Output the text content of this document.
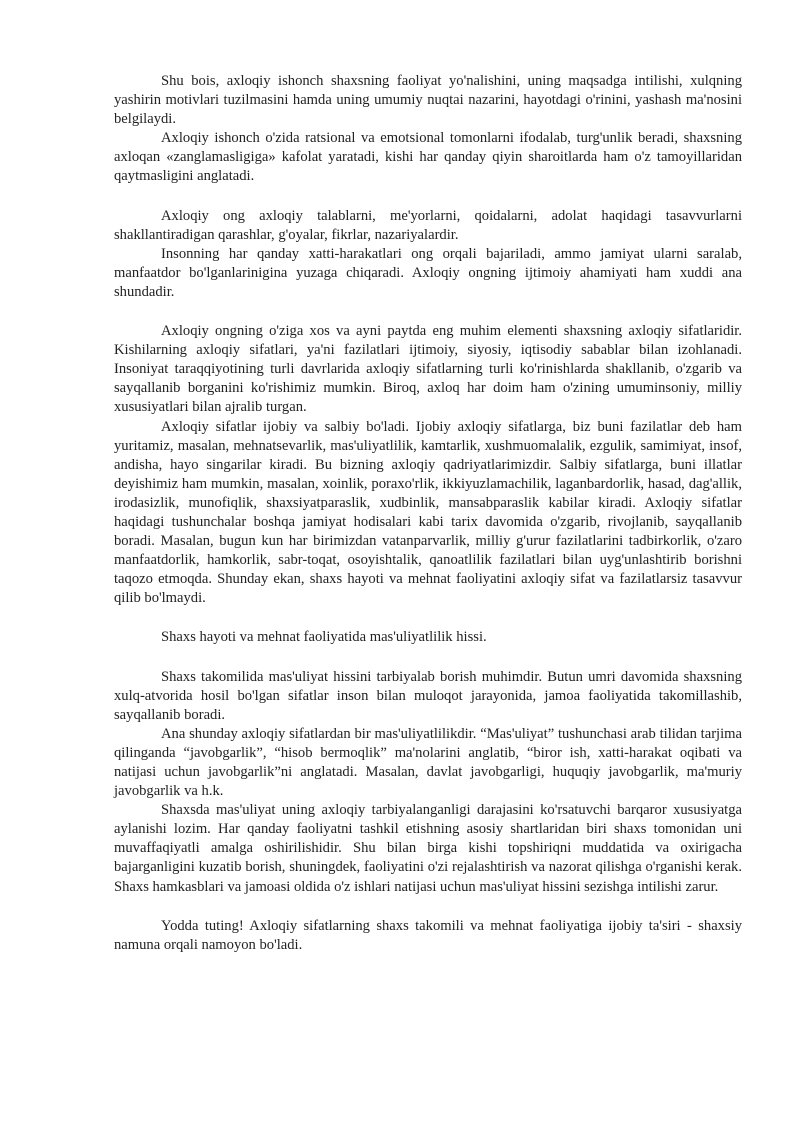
Shu bois, axloqiy ishonch shaxsning faoliyat yo'nalishini, uning maqsadga intilishi, xulqning yashirin motivlari tuzilmasini hamda uning umumiy nuqtai nazarini, hayotdagi o'rinini, yashash ma'nosini belgilaydi.

Axloqiy ishonch o'zida ratsional va emotsional tomonlarni ifodalab, turg'unlik beradi, shaxsning axloqan «zanglamasligiga» kafolat yaratadi, kishi har qanday qiyin sharoitlarda ham o'z tamoyillaridan qaytmasligini anglatadi.

Axloqiy ong axloqiy talablarni, me'yorlarni, qoidalarni, adolat haqidagi tasavvurlarni shakllantiradigan qarashlar, g'oyalar, fikrlar, nazariyalardir.

Insonning har qanday xatti-harakatlari ong orqali bajariladi, ammo jamiyat ularni saralab, manfaatdor bo'lganlarinigina yuzaga chiqaradi. Axloqiy ongning ijtimoiy ahamiyati ham xuddi ana shundadir.

Axloqiy ongning o'ziga xos va ayni paytda eng muhim elementi shaxsning axloqiy sifatlaridir. Kishilarning axloqiy sifatlari, ya'ni fazilatlari ijtimoiy, siyosiy, iqtisodiy sabablar bilan izohlanadi. Insoniyat taraqqiyotining turli davrlarida axloqiy sifatlarning turli ko'rinishlarda shakllanib, o'zgarib va sayqallanib borganini ko'rishimiz mumkin. Biroq, axloq har doim ham o'zining umuminsoniy, milliy xususiyatlari bilan ajralib turgan.

Axloqiy sifatlar ijobiy va salbiy bo'ladi. Ijobiy axloqiy sifatlarga, biz buni fazilatlar deb ham yuritamiz, masalan, mehnatsevarlik, mas'uliyatlilik, kamtarlik, xushmuomalalik, ezgulik, samimiyat, insof, andisha, hayo singarilar kiradi. Bu bizning axloqiy qadriyatlarimizdir. Salbiy sifatlarga, buni illatlar deyishimiz ham mumkin, masalan, xoinlik, poraxo'rlik, ikkiyuzlamachilik, laganbardorlik, hasad, dag'allik, irodasizlik, munofiqlik, shaxsiyatparaslik, xudbinlik, mansabparaslik kabilar kiradi. Axloqiy sifatlar haqidagi tushunchalar boshqa jamiyat hodisalari kabi tarix davomida o'zgarib, rivojlanib, sayqallanib boradi. Masalan, bugun kun har birimizdan vatanparvarlik, milliy g'urur fazilatlarini tadbirkorlik, o'zaro manfaatdorlik, hamkorlik, sabr-toqat, osoyishtalik, qanoatlilik fazilatlari bilan uyg'unlashtirib borishni taqozo etmoqda. Shunday ekan, shaxs hayoti va mehnat faoliyatini axloqiy sifat va fazilatlarsiz tasavvur qilib bo'lmaydi.

Shaxs hayoti va mehnat faoliyatida mas'uliyatlilik hissi.

Shaxs takomilida mas'uliyat hissini tarbiyalab borish muhimdir. Butun umri davomida shaxsning xulq-atvorida hosil bo'lgan sifatlar inson bilan muloqot jarayonida, jamoa faoliyatida takomillashib, sayqallanib boradi.

Ana shunday axloqiy sifatlardan bir mas'uliyatlilikdir. “Mas'uliyat” tushunchasi arab tilidan tarjima qilinganda “javobgarlik”, “hisob bermoqlik” ma'nolarini anglatib, “biror ish, xatti-harakat oqibati va natijasi uchun javobgarlik”ni anglatadi. Masalan, davlat javobgarligi, huquqiy javobgarlik, ma'muriy javobgarlik va h.k.

Shaxsda mas'uliyat uning axloqiy tarbiyalanganligi darajasini ko'rsatuvchi barqaror xususiyatga aylanishi lozim. Har qanday faoliyatni tashkil etishning asosiy shartlaridan biri shaxs tomonidan uni muvaffaqiyatli amalga oshirilishidir. Shu bilan birga kishi topshiriqni muddatida va oxirigacha bajarganligini kuzatib borish, shuningdek, faoliyatini o'zi rejalashtirish va nazorat qilishga o'rganishi kerak. Shaxs hamkasblari va jamoasi oldida o'z ishlari natijasi uchun mas'uliyat hissini sezishga intilishi zarur.

Yodda tuting! Axloqiy sifatlarning shaxs takomili va mehnat faoliyatiga ijobiy ta'siri - shaxsiy namuna orqali namoyon bo'ladi.
